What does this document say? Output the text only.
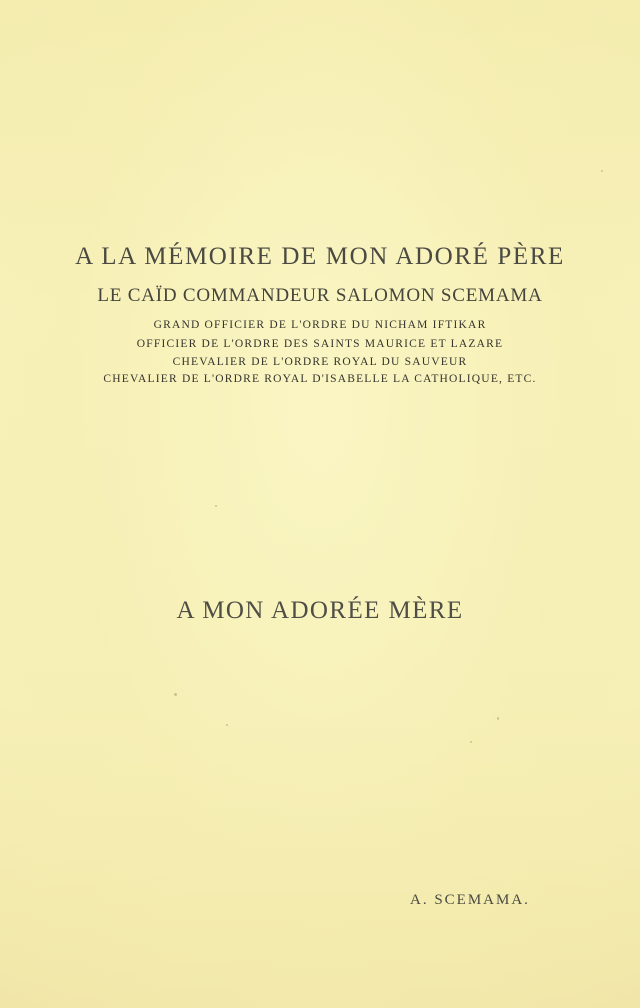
A LA MÉMOIRE DE MON ADORÉ PÈRE
LE CAÏD COMMANDEUR SALOMON SCEMAMA
GRAND OFFICIER DE L'ORDRE DU NICHAM IFTIKAR
OFFICIER DE L'ORDRE DES SAINTS MAURICE ET LAZARE
CHEVALIER DE L'ORDRE ROYAL DU SAUVEUR
CHEVALIER DE L'ORDRE ROYAL D'ISABELLE LA CATHOLIQUE, ETC.
A MON ADORÉE MÈRE
A. SCEMAMA.
